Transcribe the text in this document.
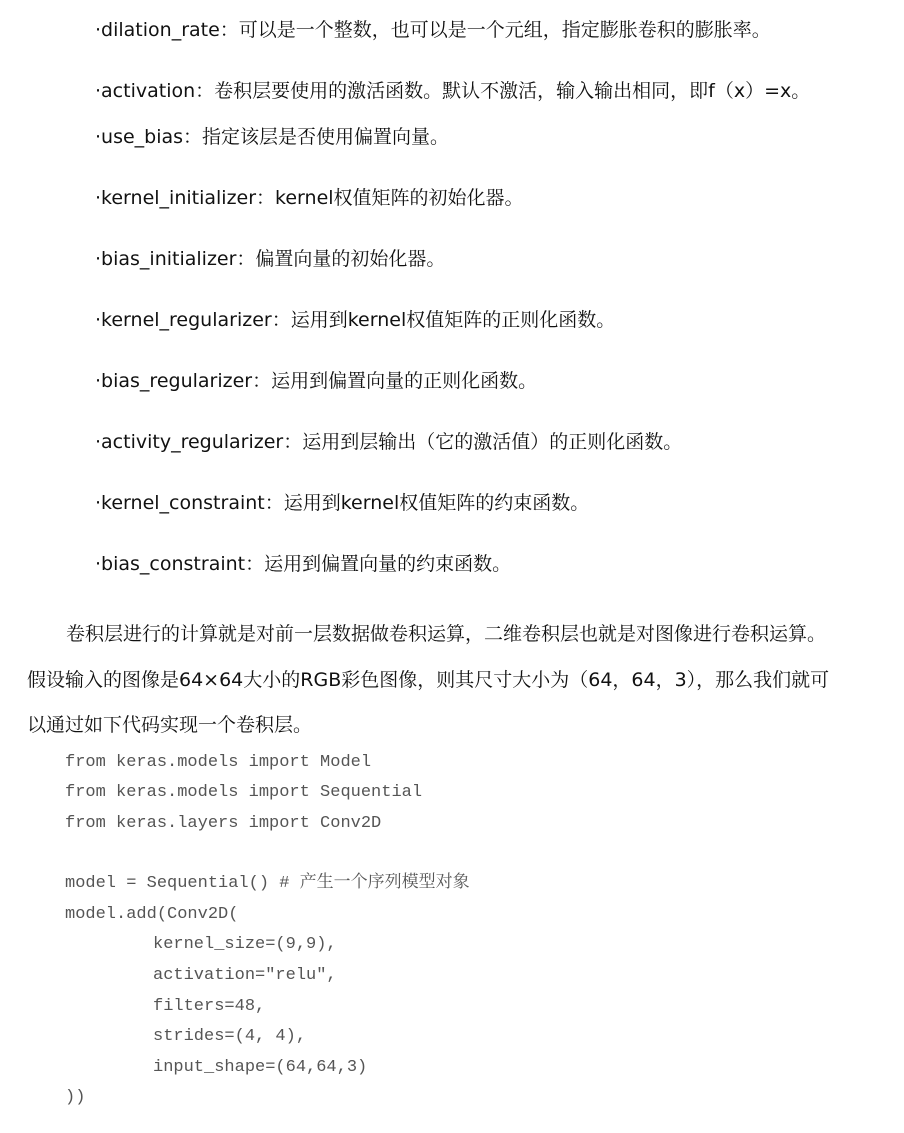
·dilation_rate：可以是一个整数，也可以是一个元组，指定膨胀卷积的膨胀率。
·activation：卷积层要使用的激活函数。默认不激活，输入输出相同，即f（x）=x。
·use_bias：指定该层是否使用偏置向量。
·kernel_initializer：kernel权值矩阵的初始化器。
·bias_initializer：偏置向量的初始化器。
·kernel_regularizer：运用到kernel权值矩阵的正则化函数。
·bias_regularizer：运用到偏置向量的正则化函数。
·activity_regularizer：运用到层输出（它的激活值）的正则化函数。
·kernel_constraint：运用到kernel权值矩阵的约束函数。
·bias_constraint：运用到偏置向量的约束函数。
卷积层进行的计算就是对前一层数据做卷积运算，二维卷积层也就是对图像进行卷积运算。
假设输入的图像是64×64大小的RGB彩色图像，则其尺寸大小为（64，64，3），那么我们就可
以通过如下代码实现一个卷积层。
from keras.models import Model
from keras.models import Sequential
from keras.layers import Conv2D
model = Sequential() # 产生一个序列模型对象
model.add(Conv2D(
kernel_size=(9,9),
activation="relu",
filters=48,
strides=(4, 4),
input_shape=(64,64,3)
))
